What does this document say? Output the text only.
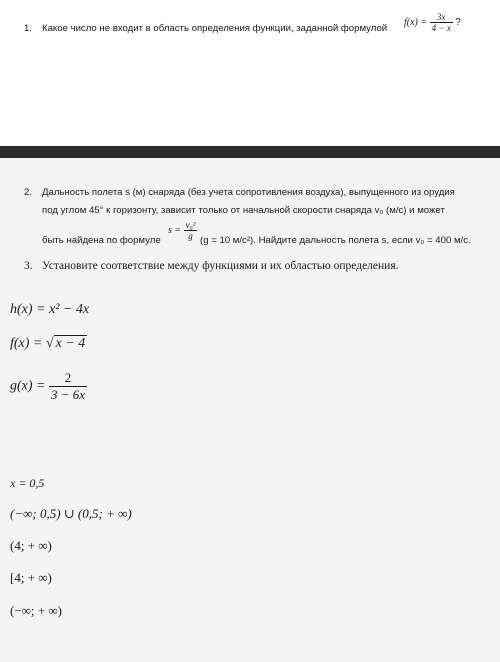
1. Какое число не входит в область определения функции, заданной формулой
$f(x) = \frac{3x}{4 - x}$ ?
2. Дальность полета s (м) снаряда (без учета сопротивления воздуха), выпущенного из орудия
под углом 45° к горизонту, зависит только от начальной скорости снаряда v₀ (м/с) и может
быть найдена по формуле
$s = \frac{\text{v₀²}}{g} (g = 10$ м/с²). Найдите дальность полета s, если v₀ = 400 м/с.
3. Установите соответствие между функциями и их областью определения.
h(x) = x² − 4x
f(x) = √ x − 4
$g(x) = \frac{2}{3 - 6x}$
x = 0,5
(−∞; 0,5) ∪ (0,5; + ∞)
(4; + ∞)
[4; + ∞)
(−∞; + ∞)
